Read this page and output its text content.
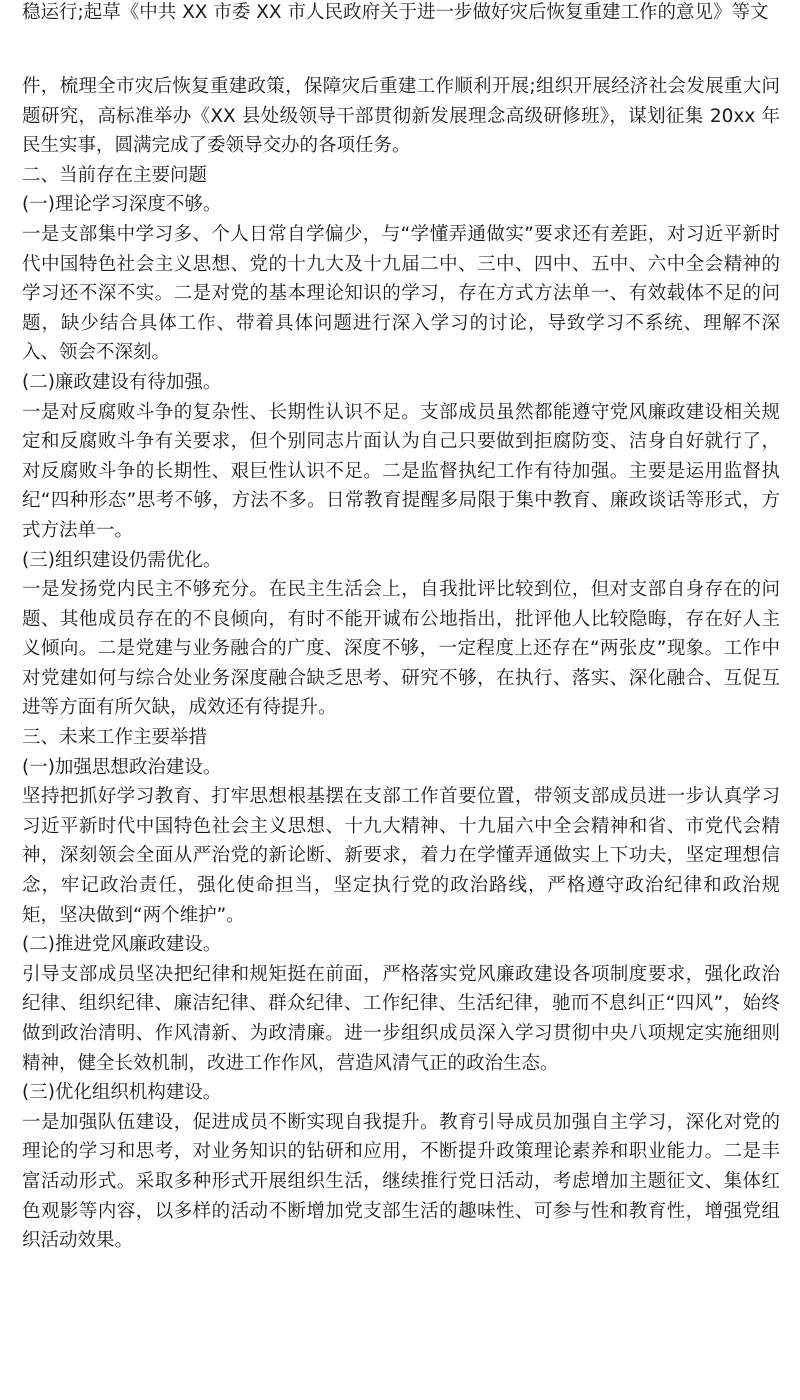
稳运行;起草《中共 XX 市委 XX 市人民政府关于进一步做好灾后恢复重建工作的意见》等文

件，梳理全市灾后恢复重建政策，保障灾后重建工作顺利开展;组织开展经济社会发展重大问题研究，高标准举办《XX 县处级领导干部贯彻新发展理念高级研修班》，谋划征集 20xx 年民生实事，圆满完成了委领导交办的各项任务。

二、当前存在主要问题

(一)理论学习深度不够。

一是支部集中学习多、个人日常自学偏少，与“学懂弄通做实”要求还有差距，对习近平新时代中国特色社会主义思想、党的十九大及十九届二中、三中、四中、五中、六中全会精神的学习还不深不实。二是对党的基本理论知识的学习，存在方式方法单一、有效载体不足的问题，缺少结合具体工作、带着具体问题进行深入学习的讨论，导致学习不系统、理解不深入、领会不深刻。

(二)廉政建设有待加强。

一是对反腐败斗争的复杂性、长期性认识不足。支部成员虽然都能遵守党风廉政建设相关规定和反腐败斗争有关要求，但个别同志片面认为自己只要做到拒腐防变、洁身自好就行了，对反腐败斗争的长期性、艰巨性认识不足。二是监督执纪工作有待加强。主要是运用监督执纪“四种形态”思考不够，方法不多。日常教育提醒多局限于集中教育、廉政谈话等形式，方式方法单一。

(三)组织建设仍需优化。

一是发扬党内民主不够充分。在民主生活会上，自我批评比较到位，但对支部自身存在的问题、其他成员存在的不良倾向，有时不能开诚布公地指出，批评他人比较隐晦，存在好人主义倾向。二是党建与业务融合的广度、深度不够，一定程度上还存在“两张皮”现象。工作中对党建如何与综合处业务深度融合缺乏思考、研究不够，在执行、落实、深化融合、互促互进等方面有所欠缺，成效还有待提升。

三、未来工作主要举措

(一)加强思想政治建设。

坚持把抓好学习教育、打牢思想根基摆在支部工作首要位置，带领支部成员进一步认真学习习近平新时代中国特色社会主义思想、十九大精神、十九届六中全会精神和省、市党代会精神，深刻领会全面从严治党的新论断、新要求，着力在学懂弄通做实上下功夫，坚定理想信念，牢记政治责任，强化使命担当，坚定执行党的政治路线，严格遵守政治纪律和政治规矩，坚决做到“两个维护”。

(二)推进党风廉政建设。

引导支部成员坚决把纪律和规矩挺在前面，严格落实党风廉政建设各项制度要求，强化政治纪律、组织纪律、廉洁纪律、群众纪律、工作纪律、生活纪律，驰而不息纠正“四风”，始终做到政治清明、作风清新、为政清廉。进一步组织成员深入学习贯彻中央八项规定实施细则精神，健全长效机制，改进工作作风，营造风清气正的政治生态。

(三)优化组织机构建设。

一是加强队伍建设，促进成员不断实现自我提升。教育引导成员加强自主学习，深化对党的理论的学习和思考，对业务知识的钻研和应用，不断提升政策理论素养和职业能力。二是丰富活动形式。采取多种形式开展组织生活，继续推行党日活动，考虑增加主题征文、集体红色观影等内容，以多样的活动不断增加党支部生活的趣味性、可参与性和教育性，增强党组织活动效果。
